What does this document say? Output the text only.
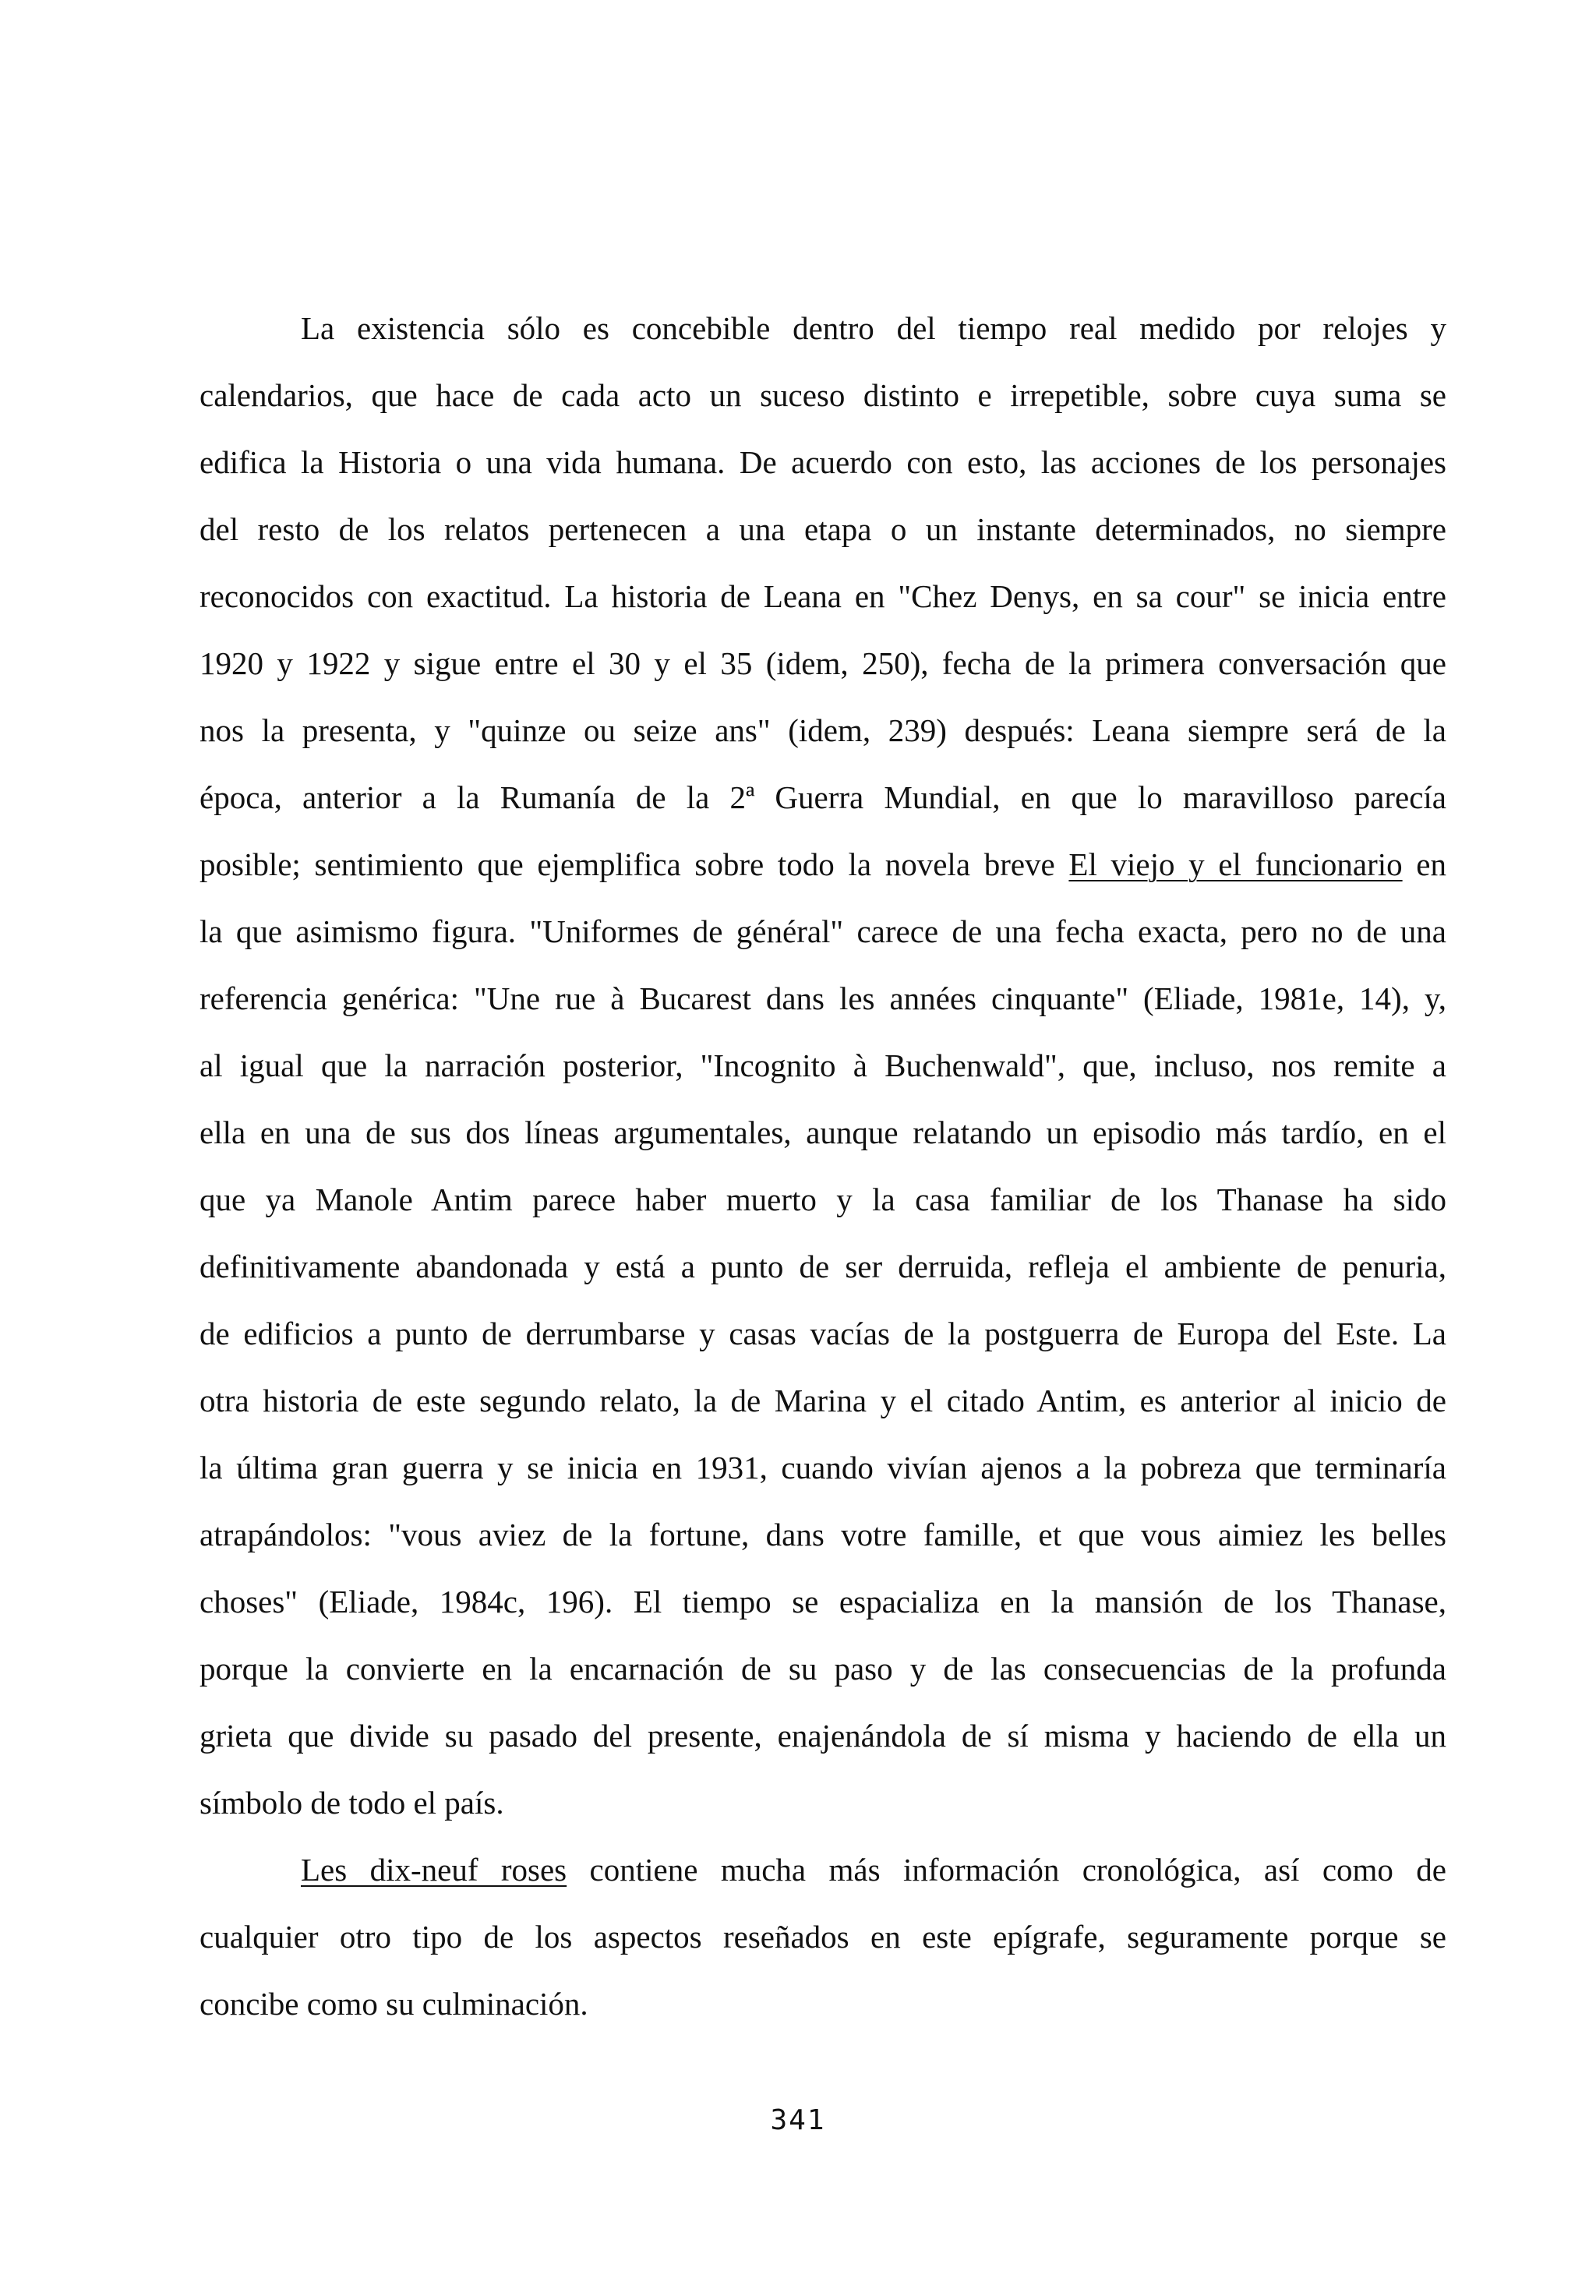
La existencia sólo es concebible dentro del tiempo real medido por relojes y
calendarios, que hace de cada acto un suceso distinto e irrepetible, sobre cuya suma se
edifica la Historia o una vida humana. De acuerdo con esto, las acciones de los personajes
del resto de los relatos pertenecen a una etapa o un instante determinados, no siempre
reconocidos con exactitud. La historia de Leana en "Chez Denys, en sa cour" se inicia entre
1920 y 1922 y sigue entre el 30 y el 35 (idem, 250), fecha de la primera conversación que
nos la presenta, y "quinze ou seize ans" (idem, 239) después: Leana siempre será de la
época, anterior a la Rumanía de la 2ª Guerra Mundial, en que lo maravilloso parecía
posible; sentimiento que ejemplifica sobre todo la novela breve El viejo y el funcionario en
la que asimismo figura. "Uniformes de général" carece de una fecha exacta, pero no de una
referencia genérica: "Une rue à Bucarest dans les années cinquante" (Eliade, 1981e, 14), y,
al igual que la narración posterior, "Incognito à Buchenwald", que, incluso, nos remite a
ella en una de sus dos líneas argumentales, aunque relatando un episodio más tardío, en el
que ya Manole Antim parece haber muerto y la casa familiar de los Thanase ha sido
definitivamente abandonada y está a punto de ser derruida, refleja el ambiente de penuria,
de edificios a punto de derrumbarse y casas vacías de la postguerra de Europa del Este. La
otra historia de este segundo relato, la de Marina y el citado Antim, es anterior al inicio de
la última gran guerra y se inicia en 1931, cuando vivían ajenos a la pobreza que terminaría
atrapándolos: "vous aviez de la fortune, dans votre famille, et que vous aimiez les belles
choses" (Eliade, 1984c, 196). El tiempo se espacializa en la mansión de los Thanase,
porque la convierte en la encarnación de su paso y de las consecuencias de la profunda
grieta que divide su pasado del presente, enajenándola de sí misma y haciendo de ella un
símbolo de todo el país.
Les dix-neuf roses contiene mucha más información cronológica, así como de
cualquier otro tipo de los aspectos reseñados en este epígrafe, seguramente porque se
concibe como su culminación.
341
